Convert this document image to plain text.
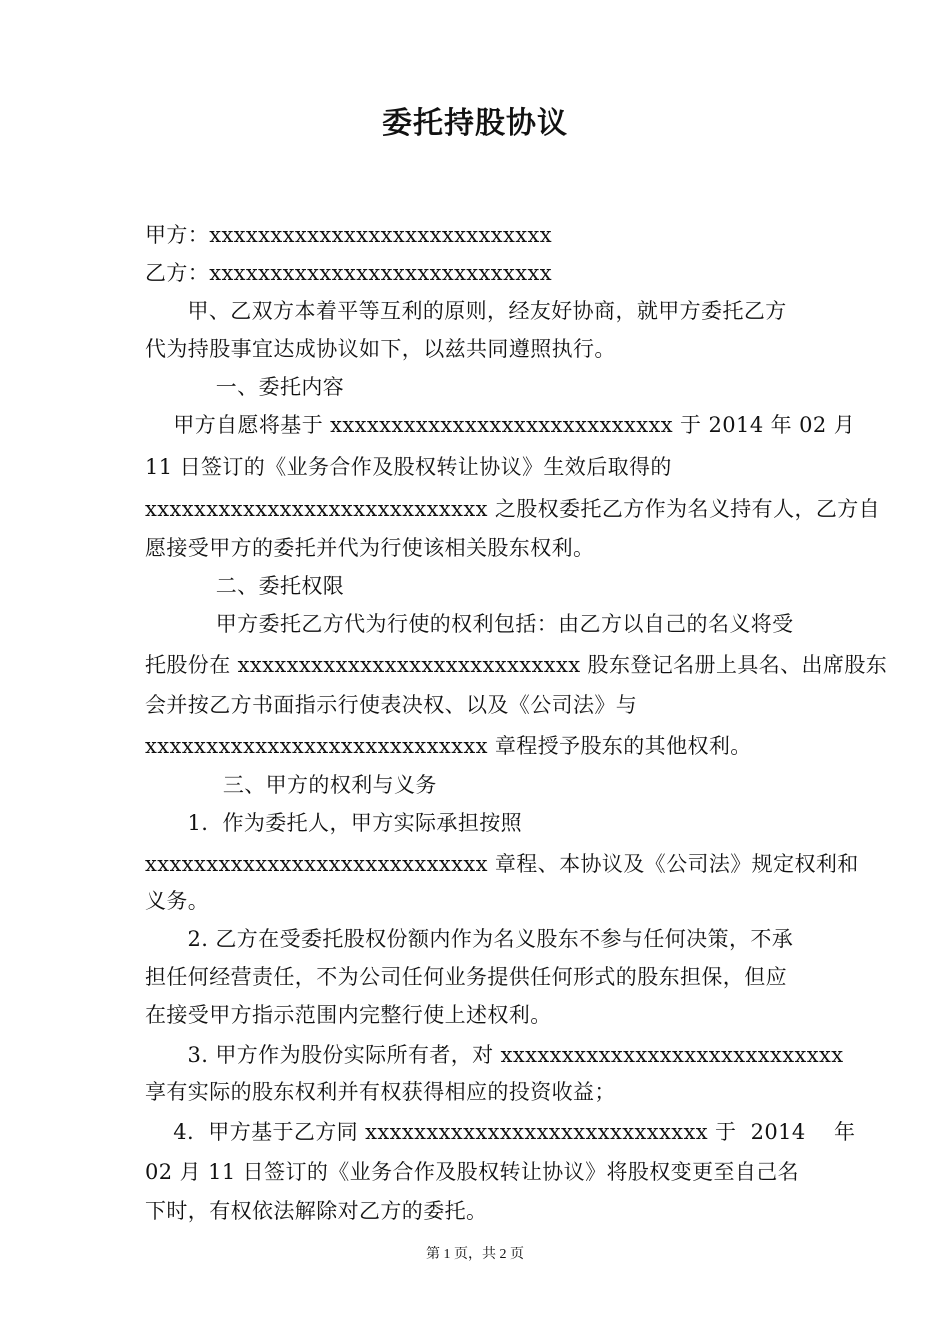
委托持股协议
甲方：xxxxxxxxxxxxxxxxxxxxxxxxxxxx
乙方：xxxxxxxxxxxxxxxxxxxxxxxxxxxx
甲、乙双方本着平等互利的原则，经友好协商，就甲方委托乙方
代为持股事宜达成协议如下，以兹共同遵照执行。
一、委托内容
甲方自愿将基于 xxxxxxxxxxxxxxxxxxxxxxxxxxxx 于 2014 年 02 月
11 日签订的《业务合作及股权转让协议》生效后取得的
xxxxxxxxxxxxxxxxxxxxxxxxxxxx 之股权委托乙方作为名义持有人，乙方自
愿接受甲方的委托并代为行使该相关股东权利。
二、委托权限
甲方委托乙方代为行使的权利包括：由乙方以自己的名义将受
托股份在 xxxxxxxxxxxxxxxxxxxxxxxxxxxx 股东登记名册上具名、出席股东
会并按乙方书面指示行使表决权、以及《公司法》与
xxxxxxxxxxxxxxxxxxxxxxxxxxxx 章程授予股东的其他权利。
三、甲方的权利与义务
1.  作为委托人，甲方实际承担按照
xxxxxxxxxxxxxxxxxxxxxxxxxxxx 章程、本协议及《公司法》规定权利和
义务。
2. 乙方在受委托股权份额内作为名义股东不参与任何决策，不承
担任何经营责任，不为公司任何业务提供任何形式的股东担保，但应
在接受甲方指示范围内完整行使上述权利。
3. 甲方作为股份实际所有者，对 xxxxxxxxxxxxxxxxxxxxxxxxxxxx
享有实际的股东权利并有权获得相应的投资收益；
4.  甲方基于乙方同 xxxxxxxxxxxxxxxxxxxxxxxxxxxx 于  2014    年
02 月 11 日签订的《业务合作及股权转让协议》将股权变更至自己名
下时，有权依法解除对乙方的委托。
第 1 页，共 2 页
